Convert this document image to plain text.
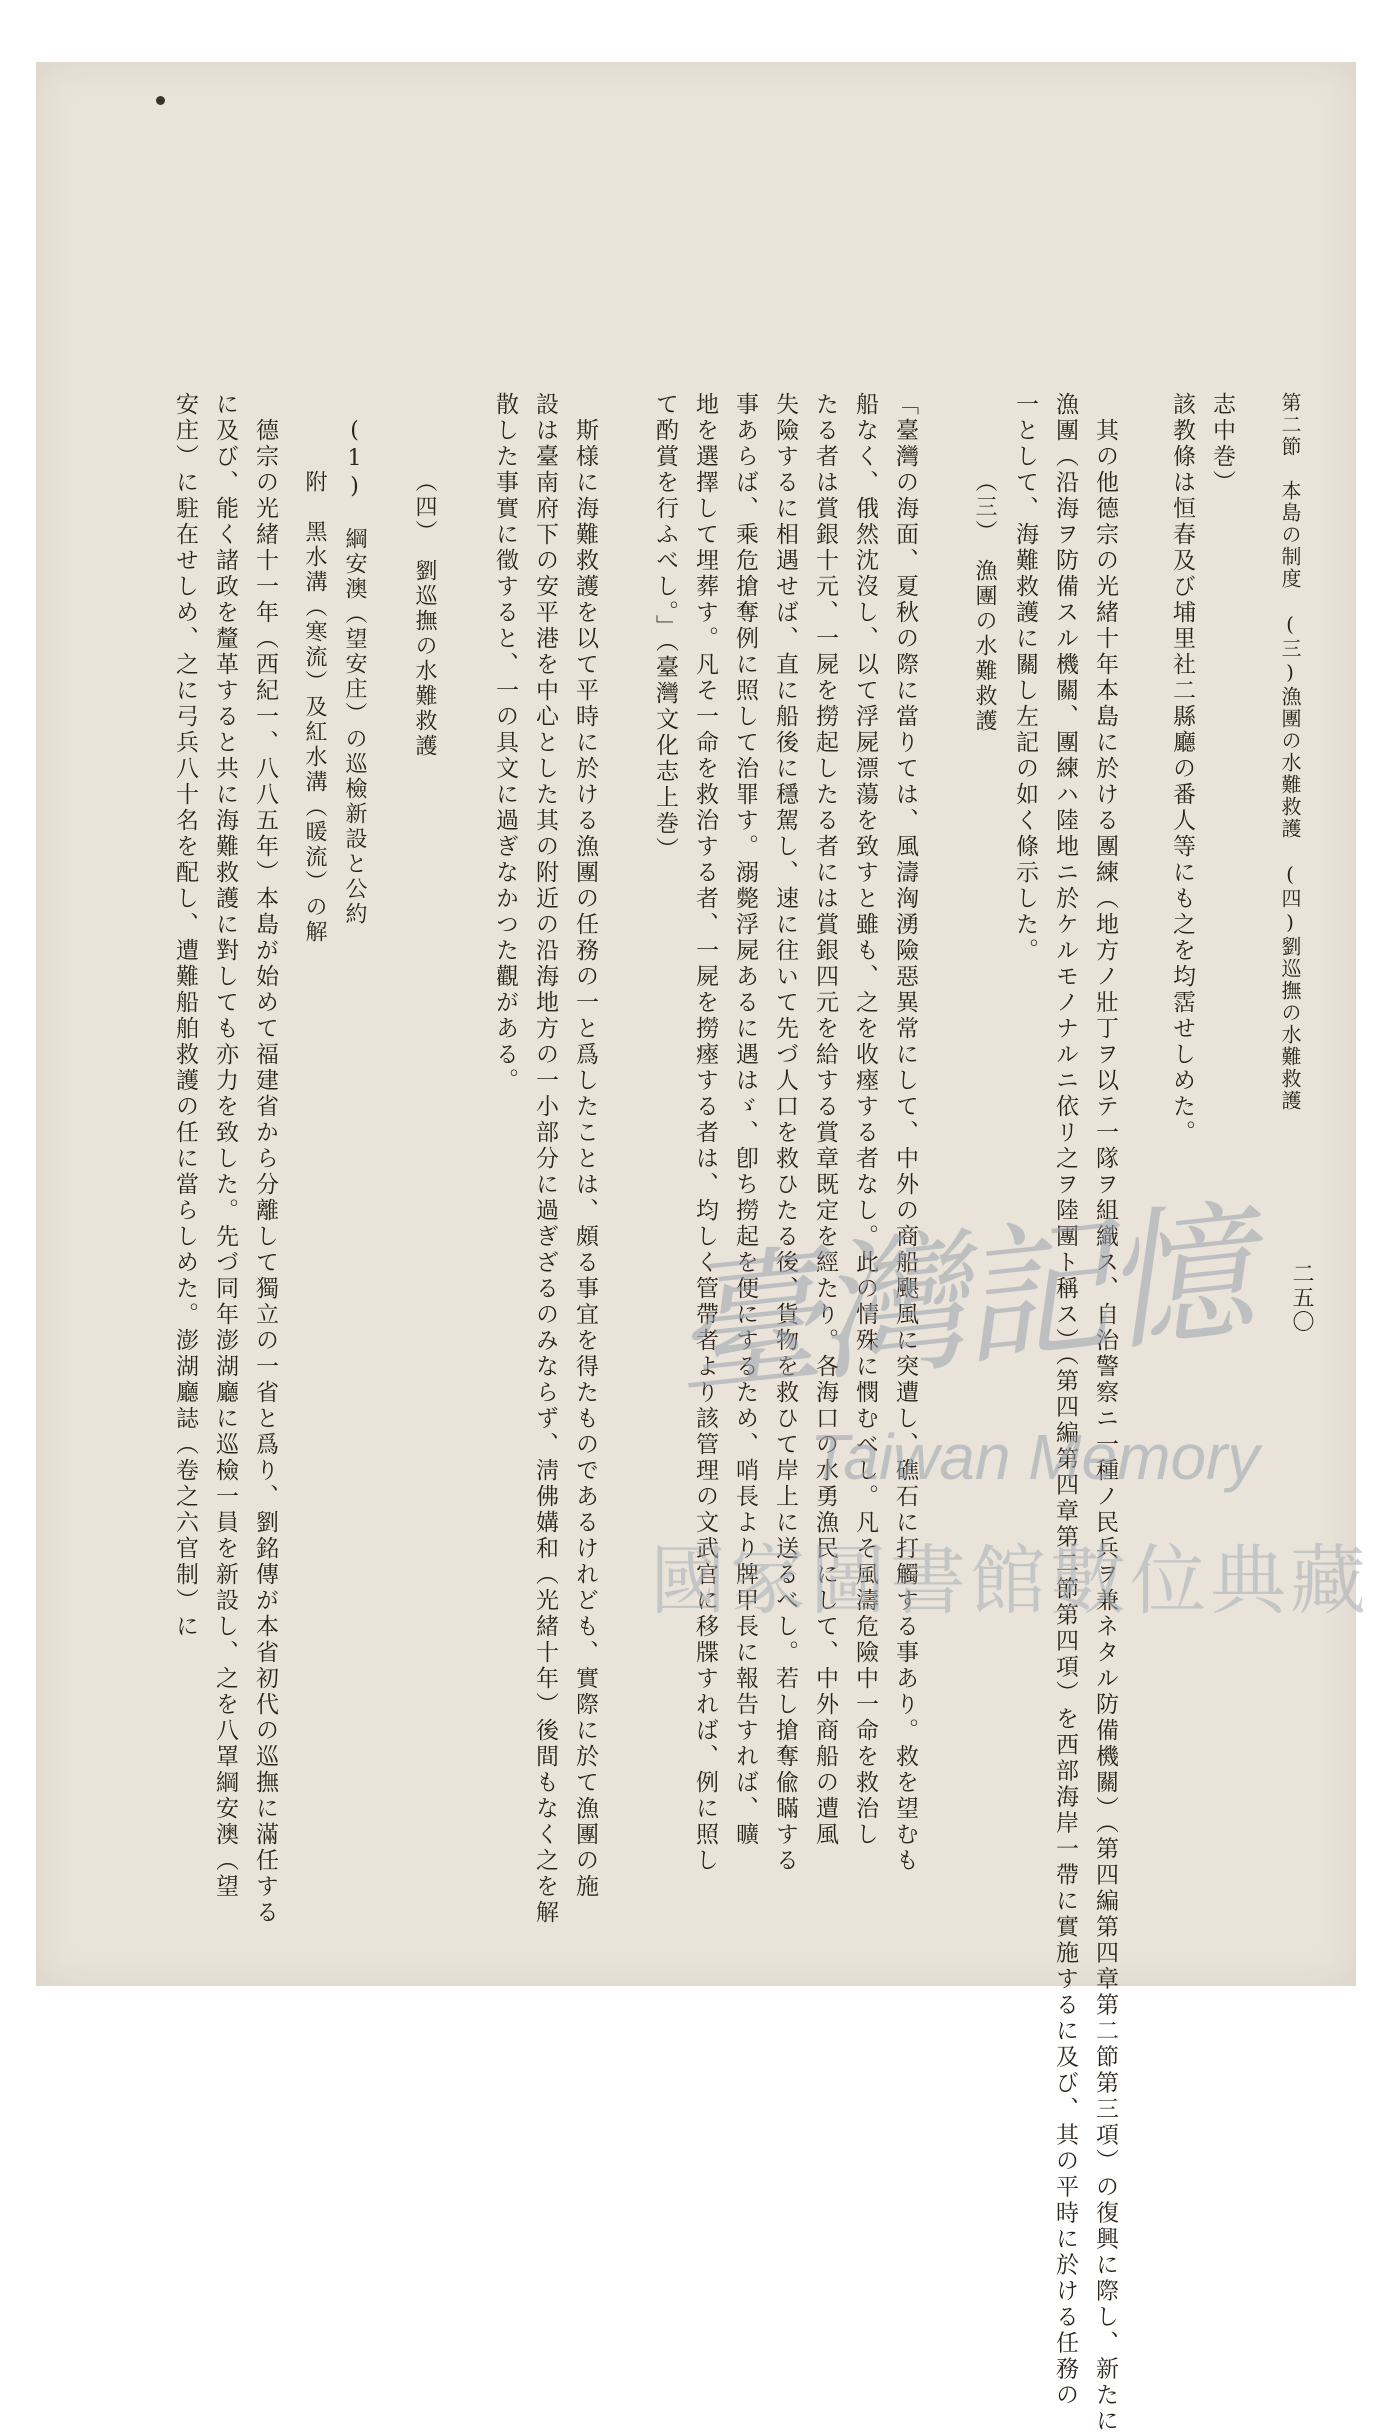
第二節　本島の制度　(三)漁團の水難救護　(四)劉巡撫の水難救護
二五〇
志中巻）
該教條は恒春及び埔里社二縣廳の番人等にも之を均霑せしめた。
其の他德宗の光緒十年本島に於ける團練（地方ノ壯丁ヲ以テ一隊ヲ組織ス、自治警察ニ一種ノ民兵ヲ兼ネタル防備機關）（第四編第四章第二節第三項）の復興に際し、新たに
漁團（沿海ヲ防備スル機關、團練ハ陸地ニ於ケルモノナルニ依リ之ヲ陸團ト稱ス）（第四編第四章第二節第四項）を西部海岸一帶に實施するに及び、其の平時に於ける任務の
一として、海難救護に關し左記の如く條示した。
（三）　漁團の水難救護
「臺灣の海面、夏秋の際に當りては、風濤洶湧險惡異常にして、中外の商船颶風に突遭し、礁石に打觸する事あり。救を望むも
船なく、俄然沈沒し、以て浮屍漂蕩を致すと雖も、之を收瘞する者なし。此の情殊に憫むべし。凡そ風濤危險中一命を救治し
たる者は賞銀十元、一屍を撈起したる者には賞銀四元を給する賞章既定を經たり。各海口の水勇漁民にして、中外商船の遭風
失險するに相遇せば、直に船後に穩駕し、速に往いて先づ人口を救ひたる後、貨物を救ひて岸上に送るべし。若し搶奪偸瞞する
事あらば、乘危搶奪例に照して治罪す。溺斃浮屍あるに遇はゞ、卽ち撈起を便にするため、哨長より牌甲長に報告すれば、曠
地を選擇して埋葬す。凡そ一命を救治する者、一屍を撈瘞する者は、均しく管帶者より該管理の文武官に移牒すれば、例に照し
て酌賞を行ふべし。」（臺灣文化志上巻）
斯様に海難救護を以て平時に於ける漁團の任務の一と爲したことは、頗る事宜を得たものであるけれども、實際に於て漁團の施
設は臺南府下の安平港を中心とした其の附近の沿海地方の一小部分に過ぎざるのみならず、淸佛媾和（光緒十年）後間もなく之を解
散した事實に徵すると、一の具文に過ぎなかつた觀がある。
（四）　劉巡撫の水難救護
(1)　綱安澳（望安庄）の巡檢新設と公約
附　黑水溝（寒流）及紅水溝（暖流）の解
德宗の光緒十一年（西紀一、八八五年）本島が始めて福建省から分離して獨立の一省と爲り、劉銘傳が本省初代の巡撫に滿任する
に及び、能く諸政を釐革すると共に海難救護に對しても亦力を致した。先づ同年澎湖廳に巡檢一員を新設し、之を八罩綱安澳（望
安庄）に駐在せしめ、之に弓兵八十名を配し、遭難船舶救護の任に當らしめた。澎湖廳誌（卷之六官制）に	臺灣記憶
Taiwan Memory
國家圖書館數位典藏
